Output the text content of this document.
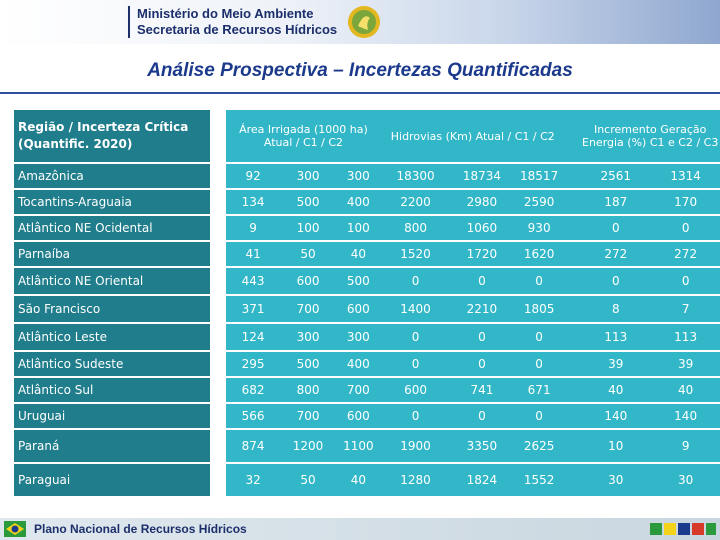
Ministério do Meio Ambiente
Secretaria de Recursos Hídricos
Análise Prospectiva – Incertezas Quantificadas
Região / Incerteza Crítica (Quantific. 2020)		Área Irrigada (1000 ha) Atual / C1 / C2			Hidrovias (Km) Atual / C1 / C2				Incremento Geração Energia (%) C1 e C2 / C3	
Amazônica		92	300	300	18300	18734	18517		2561	1314
Tocantins-Araguaia		134	500	400	2200	2980	2590		187	170
Atlântico NE Ocidental		9	100	100	800	1060	930		0	0
Parnaíba		41	50	40	1520	1720	1620		272	272
Atlântico NE Oriental		443	600	500	0	0	0		0	0
São Francisco		371	700	600	1400	2210	1805		8	7
Atlântico Leste		124	300	300	0	0	0		113	113
Atlântico Sudeste		295	500	400	0	0	0		39	39
Atlântico Sul		682	800	700	600	741	671		40	40
Uruguai		566	700	600	0	0	0		140	140
Paraná		874	1200	1100	1900	3350	2625		10	9
Paraguai		32	50	40	1280	1824	1552		30	30
Plano Nacional de Recursos Hídricos
